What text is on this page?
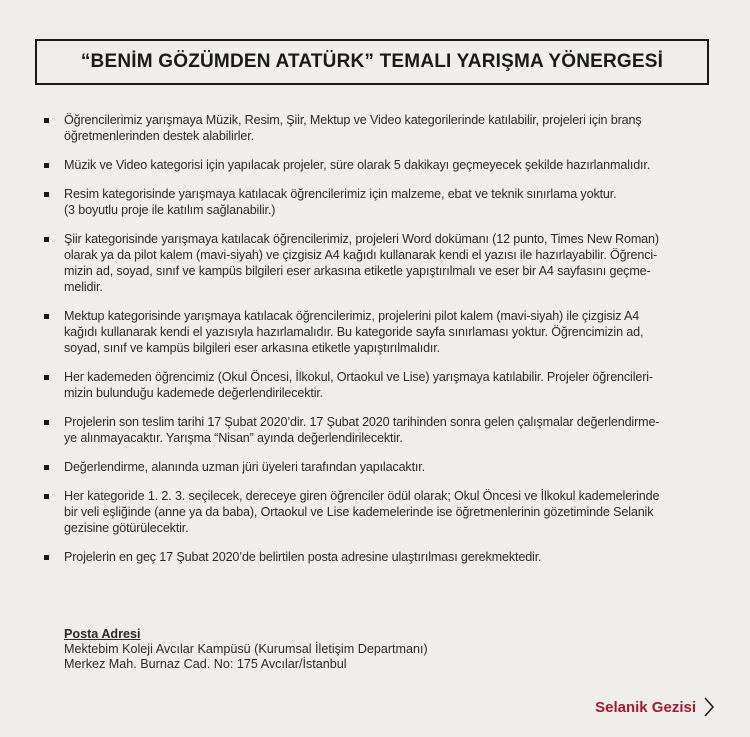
“BENİM GÖZÜMDEN ATATÜRK” TEMALI YARIŞMA YÖNERGESİ
Öğrencilerimiz yarışmaya Müzik, Resim, Şiir, Mektup ve Video kategorilerinde katılabilir, projeleri için branş
öğretmenlerinden destek alabilirler.
Müzik ve Video kategorisi için yapılacak projeler, süre olarak 5 dakikayı geçmeyecek şekilde hazırlanmalıdır.
Resim kategorisinde yarışmaya katılacak öğrencilerimiz için malzeme, ebat ve teknik sınırlama yoktur.
(3 boyutlu proje ile katılım sağlanabilir.)
Şiir kategorisinde yarışmaya katılacak öğrencilerimiz, projeleri Word dokümanı (12 punto, Times New Roman)
olarak ya da pilot kalem (mavi-siyah) ve çizgisiz A4 kağıdı kullanarak kendi el yazısı ile hazırlayabilir. Öğrenci-
mizin ad, soyad, sınıf ve kampüs bilgileri eser arkasına etiketle yapıştırılmalı ve eser bir A4 sayfasını geçme-
melidir.
Mektup kategorisinde yarışmaya katılacak öğrencilerimiz, projelerini pilot kalem (mavi-siyah) ile çizgisiz A4
kağıdı kullanarak kendi el yazısıyla hazırlamalıdır. Bu kategoride sayfa sınırlaması yoktur. Öğrencimizin ad,
soyad, sınıf ve kampüs bilgileri eser arkasına etiketle yapıştırılmalıdır.
Her kademeden öğrencimiz (Okul Öncesi, İlkokul, Ortaokul ve Lise) yarışmaya katılabilir. Projeler öğrencileri-
mizin bulunduğu kademede değerlendirilecektir.
Projelerin son teslim tarihi 17 Şubat 2020’dir. 17 Şubat 2020 tarihinden sonra gelen çalışmalar değerlendirme-
ye alınmayacaktır. Yarışma “Nisan” ayında değerlendirilecektir.
Değerlendirme, alanında uzman jüri üyeleri tarafından yapılacaktır.
Her kategoride 1. 2. 3. seçilecek, dereceye giren öğrenciler ödül olarak; Okul Öncesi ve İlkokul kademelerinde
bir veli eşliğinde (anne ya da baba), Ortaokul ve Lise kademelerinde ise öğretmenlerinin gözetiminde Selanik
gezisine götürülecektir.
Projelerin en geç 17 Şubat 2020’de belirtilen posta adresine ulaştırılması gerekmektedir.
Posta Adresi
Mektebim Koleji Avcılar Kampüsü (Kurumsal İletişim Departmanı)
Merkez Mah. Burnaz Cad. No: 175 Avcılar/İstanbul
Selanik Gezisi
